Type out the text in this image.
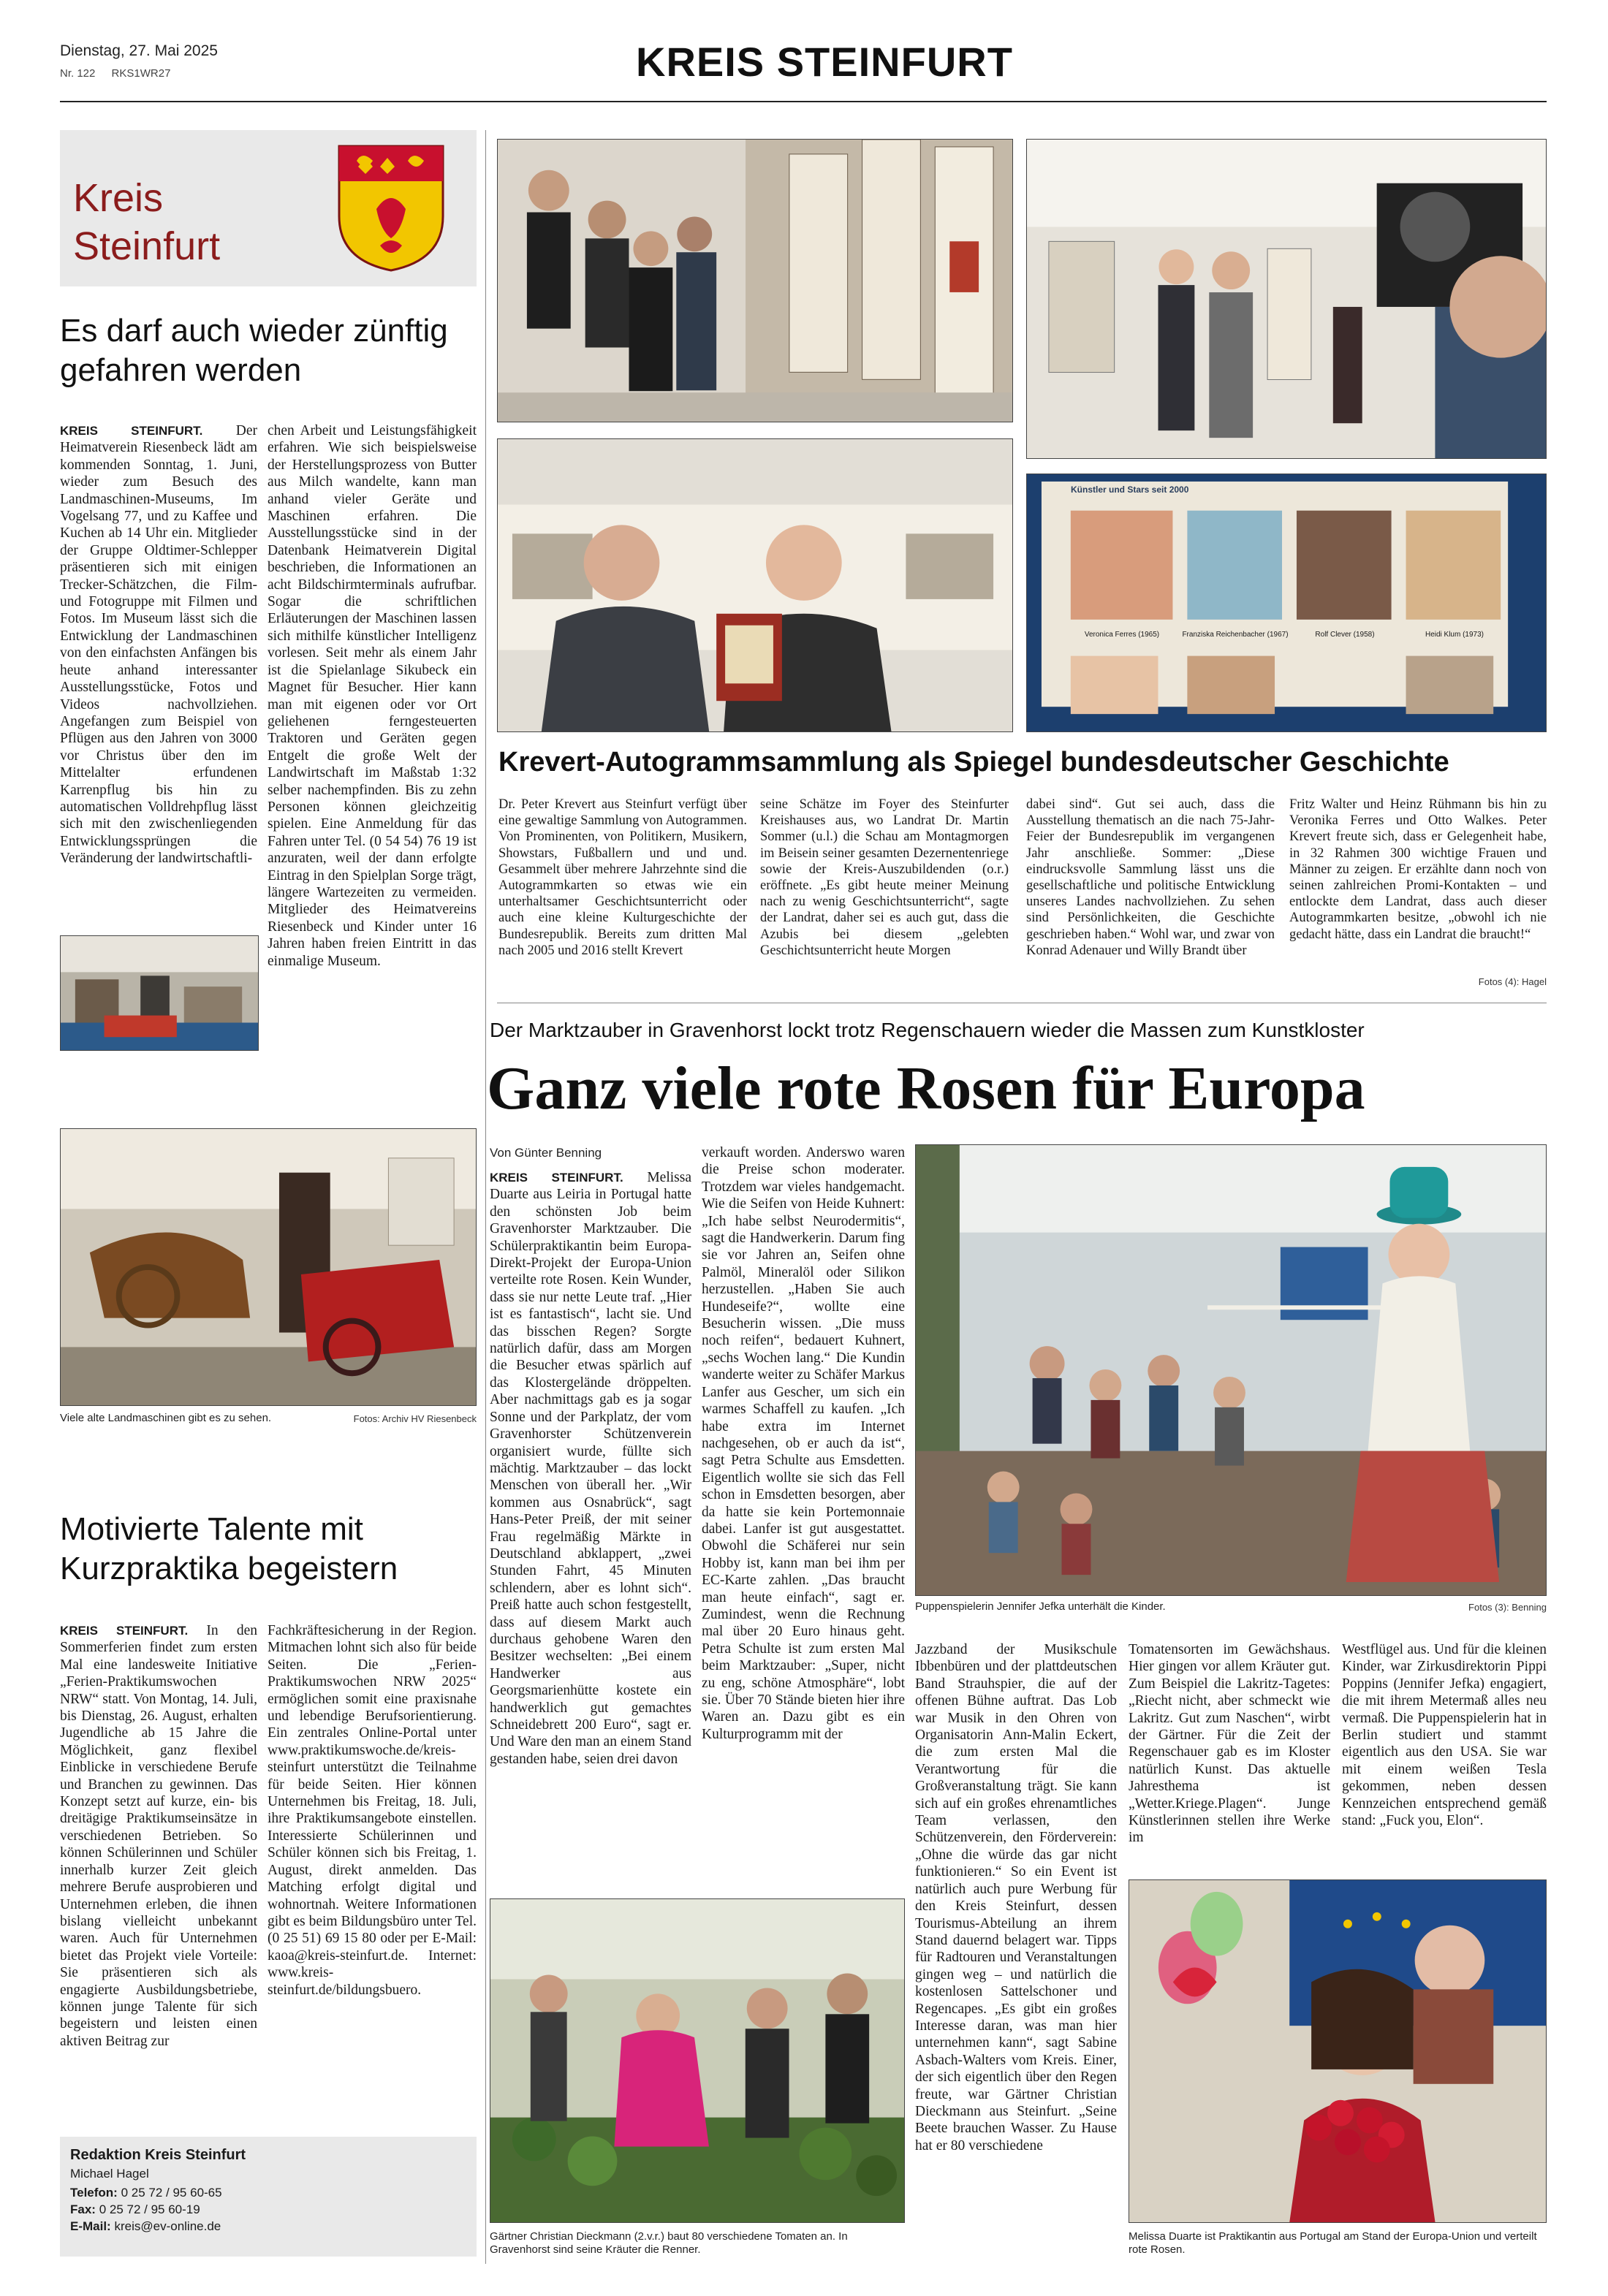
Dienstag, 27. Mai 2025
Nr. 122 RKS1WR27	KREIS STEINFURT
Kreis
Steinfurt
Es darf auch wieder zünftig gefahren werden
KREIS STEINFURT. Der Heimatverein Riesenbeck lädt am kommenden Sonntag, 1. Juni, wieder zum Besuch des Landmaschinen-Museums, Im Vogelsang 77, und zu Kaffee und Kuchen ab 14 Uhr ein. Mitglieder der Gruppe Oldtimer-Schlepper präsentieren sich mit einigen Trecker-Schätzchen, die Film- und Fotogruppe mit Filmen und Fotos. Im Museum lässt sich die Entwicklung der Landmaschinen von den einfachsten Anfängen bis heute anhand interessanter Ausstellungsstücke, Fotos und Videos nachvollziehen. Angefangen zum Beispiel von Pflügen aus den Jahren von 3000 vor Christus über den im Mittelalter erfundenen Karrenpflug bis hin zu automatischen Volldrehpflug lässt sich mit den zwischenliegenden Entwicklungssprüngen die Veränderung der landwirtschaftli-
chen Arbeit und Leistungsfähigkeit erfahren. Wie sich beispielsweise der Herstellungsprozess von Butter aus Milch wandelte, kann man anhand vieler Geräte und Maschinen erfahren. Die Ausstellungsstücke sind in der Datenbank Heimatverein Digital beschrieben, die Informationen an acht Bildschirmterminals aufrufbar. Sogar die schriftlichen Erläuterungen der Maschinen lassen sich mithilfe künstlicher Intelligenz vorlesen. Seit mehr als einem Jahr ist die Spielanlage Sikubeck ein Magnet für Besucher. Hier kann man mit eigenen oder vor Ort geliehenen ferngesteuerten Traktoren und Geräten gegen Entgelt die große Welt der Landwirtschaft im Maßstab 1:32 selber nachempfinden. Bis zu zehn Personen können gleichzeitig spielen. Eine Anmeldung für das Fahren unter Tel. (0 54 54) 76 19 ist anzuraten, weil der dann erfolgte Eintrag in den Spielplan Sorge trägt, längere Wartezeiten zu vermeiden. Mitglieder des Heimatvereins Riesenbeck und Kinder unter 16 Jahren haben freien Eintritt in das einmalige Museum.
Viele alte Landmaschinen gibt es zu sehen.	Fotos: Archiv HV Riesenbeck
Motivierte Talente mit Kurzpraktika begeistern
KREIS STEINFURT. In den Sommerferien findet zum ersten Mal eine landesweite Initiative „Ferien-Praktikumswochen NRW“ statt. Von Montag, 14. Juli, bis Dienstag, 26. August, erhalten Jugendliche ab 15 Jahre die Möglichkeit, ganz flexibel Einblicke in verschiedene Berufe und Branchen zu gewinnen. Das Konzept setzt auf kurze, ein- bis dreitägige Praktikumseinsätze in verschiedenen Betrieben. So können Schülerinnen und Schüler innerhalb kurzer Zeit gleich mehrere Berufe ausprobieren und Unternehmen erleben, die ihnen bislang vielleicht unbekannt waren. Auch für Unternehmen bietet das Projekt viele Vorteile: Sie präsentieren sich als engagierte Ausbildungsbetriebe, können junge Talente für sich begeistern und leisten einen aktiven Beitrag zur
Fachkräftesicherung in der Region. Mitmachen lohnt sich also für beide Seiten. Die „Ferien-Praktikumswochen NRW 2025“ ermöglichen somit eine praxisnahe und lebendige Berufsorientierung. Ein zentrales Online-Portal unter www.praktikumswoche.de/kreis-steinfurt unterstützt die Teilnahme für beide Seiten. Hier können Unternehmen bis Freitag, 18. Juli, ihre Praktikumsangebote einstellen. Interessierte Schülerinnen und Schüler können sich bis Freitag, 1. August, direkt anmelden. Das Matching erfolgt digital und wohnortnah. Weitere Informationen gibt es beim Bildungsbüro unter Tel. (0 25 51) 69 15 80 oder per E-Mail: kaoa@kreis-steinfurt.de. Internet: www.kreis-steinfurt.de/bildungsbuero.
Redaktion Kreis Steinfurt
Michael Hagel
Telefon: 0 25 72 / 95 60-65
Fax: 0 25 72 / 95 60-19
E-Mail: kreis@ev-online.de
Künstler und Stars seit 2000
Veronica Ferres (1965)	Franziska Reichenbacher (1967)	Rolf Clever (1958)	Heidi Klum (1973)
Krevert-Autogrammsammlung als Spiegel bundesdeutscher Geschichte
Dr. Peter Krevert aus Steinfurt verfügt über eine gewaltige Sammlung von Autogrammen. Von Prominenten, von Politikern, Musikern, Showstars, Fußballern und und und. Gesammelt über mehrere Jahrzehnte sind die Autogrammkarten so etwas wie ein unterhaltsamer Geschichtsunterricht oder auch eine kleine Kulturgeschichte der Bundesrepublik. Bereits zum dritten Mal nach 2005 und 2016 stellt Krevert
seine Schätze im Foyer des Steinfurter Kreishauses aus, wo Landrat Dr. Martin Sommer (u.l.) die Schau am Montagmorgen im Beisein seiner gesamten Dezernentenriege sowie der Kreis-Auszubildenden (o.r.) eröffnete. „Es gibt heute meiner Meinung nach zu wenig Geschichtsunterricht“, sagte der Landrat, daher sei es auch gut, dass die Azubis bei diesem „gelebten Geschichtsunterricht heute Morgen
dabei sind“. Gut sei auch, dass die Ausstellung thematisch an die nach 75-Jahr-Feier der Bundesrepublik im vergangenen Jahr anschließe. Sommer: „Diese eindrucksvolle Sammlung lässt uns die gesellschaftliche und politische Entwicklung unseres Landes nachvollziehen. Zu sehen sind Persönlichkeiten, die Geschichte geschrieben haben.“ Wohl war, und zwar von Konrad Adenauer und Willy Brandt über
Fritz Walter und Heinz Rühmann bis hin zu Veronika Ferres und Otto Walkes. Peter Krevert freute sich, dass er Gelegenheit habe, in 32 Rahmen 300 wichtige Frauen und Männer zu zeigen. Er erzählte dann noch von seinen zahlreichen Promi-Kontakten – und entlockte dem Landrat, dass auch dieser Autogrammkarten besitze, „obwohl ich nie gedacht hätte, dass ein Landrat die braucht!“
Fotos (4): Hagel
Der Marktzauber in Gravenhorst lockt trotz Regenschauern wieder die Massen zum Kunstkloster
Ganz viele rote Rosen für Europa
Von Günter Benning
KREIS STEINFURT. Melissa Duarte aus Leiria in Portugal hatte den schönsten Job beim Gravenhorster Marktzauber. Die Schülerpraktikantin beim Europa-Direkt-Projekt der Europa-Union verteilte rote Rosen. Kein Wunder, dass sie nur nette Leute traf. „Hier ist es fantastisch“, lacht sie. Und das bisschen Regen? Sorgte natürlich dafür, dass am Morgen die Besucher etwas spärlich auf das Klostergelände dröppelten. Aber nachmittags gab es ja sogar Sonne und der Parkplatz, der vom Gravenhorster Schützenverein organisiert wurde, füllte sich mächtig. Marktzauber – das lockt Menschen von überall her. „Wir kommen aus Osnabrück“, sagt Hans-Peter Preiß, der mit seiner Frau regelmäßig Märkte in Deutschland abklappert, „zwei Stunden Fahrt, 45 Minuten schlendern, aber es lohnt sich“. Preiß hatte auch schon festgestellt, dass auf diesem Markt auch durchaus gehobene Waren den Besitzer wechselten: „Bei einem Handwerker aus Georgsmarienhütte kostete ein handwerklich gut gemachtes Schneidebrett 200 Euro“, sagt er. Und Ware den man an einem Stand gestanden habe, seien drei davon
verkauft worden. Anderswo waren die Preise schon moderater. Trotzdem war vieles handgemacht. Wie die Seifen von Heide Kuhnert: „Ich habe selbst Neurodermitis“, sagt die Handwerkerin. Darum fing sie vor Jahren an, Seifen ohne Palmöl, Mineralöl oder Silikon herzustellen. „Haben Sie auch Hundeseife?“, wollte eine Besucherin wissen. „Die muss noch reifen“, bedauert Kuhnert, „sechs Wochen lang.“ Die Kundin wanderte weiter zu Schäfer Markus Lanfer aus Gescher, um sich ein warmes Schaffell zu kaufen. „Ich habe extra im Internet nachgesehen, ob er auch da ist“, sagt Petra Schulte aus Emsdetten. Eigentlich wollte sie sich das Fell schon in Emsdetten besorgen, aber da hatte sie kein Portemonnaie dabei. Lanfer ist gut ausgestattet. Obwohl die Schäferei nur sein Hobby ist, kann man bei ihm per EC-Karte zahlen. „Das braucht man heute einfach“, sagt er. Zumindest, wenn die Rechnung mal über 20 Euro hinaus geht. Petra Schulte ist zum ersten Mal beim Marktzauber: „Super, nicht zu eng, schöne Atmosphäre“, lobt sie. Über 70 Stände bieten hier ihre Waren an. Dazu gibt es ein Kulturprogramm mit der
Puppenspielerin Jennifer Jefka unterhält die Kinder.	Fotos (3): Benning
Jazzband der Musikschule Ibbenbüren und der plattdeutschen Band Strauhspier, die auf der offenen Bühne auftrat. Das Lob war Musik in den Ohren von Organisatorin Ann-Malin Eckert, die zum ersten Mal die Verantwortung für die Großveranstaltung trägt. Sie kann sich auf ein großes ehrenamtliches Team verlassen, den Schützenverein, den Förderverein: „Ohne die würde das gar nicht funktionieren.“ So ein Event ist natürlich auch pure Werbung für den Kreis Steinfurt, dessen Tourismus-Abteilung an ihrem Stand dauernd belagert war. Tipps für Radtouren und Veranstaltungen gingen weg – und natürlich die kostenlosen Sattelschoner und Regencapes. „Es gibt ein großes Interesse daran, was man hier unternehmen kann“, sagt Sabine Asbach-Walters vom Kreis. Einer, der sich eigentlich über den Regen freute, war Gärtner Christian Dieckmann aus Steinfurt. „Seine Beete brauchen Wasser. Zu Hause hat er 80 verschiedene
Tomatensorten im Gewächshaus. Hier gingen vor allem Kräuter gut. Zum Beispiel die Lakritz-Tagetes: „Riecht nicht, aber schmeckt wie Lakritz. Gut zum Naschen“, wirbt der Gärtner. Für die Zeit der Regenschauer gab es im Kloster natürlich Kunst. Das aktuelle Jahresthema ist „Wetter.Kriege.Plagen“. Junge Künstlerinnen stellen ihre Werke im
Westflügel aus. Und für die kleinen Kinder, war Zirkusdirektorin Pippi Poppins (Jennifer Jefka) engagiert, die mit ihrem Metermaß alles neu vermaß. Die Puppenspielerin hat in Berlin studiert und stammt eigentlich aus den USA. Sie war mit einem weißen Tesla gekommen, neben dessen Kennzeichen entsprechend gemäß stand: „Fuck you, Elon“.
Gärtner Christian Dieckmann (2.v.r.) baut 80 verschiedene Tomaten an. In Gravenhorst sind seine Kräuter die Renner.
Melissa Duarte ist Praktikantin aus Portugal am Stand der Europa-Union und verteilt rote Rosen.
